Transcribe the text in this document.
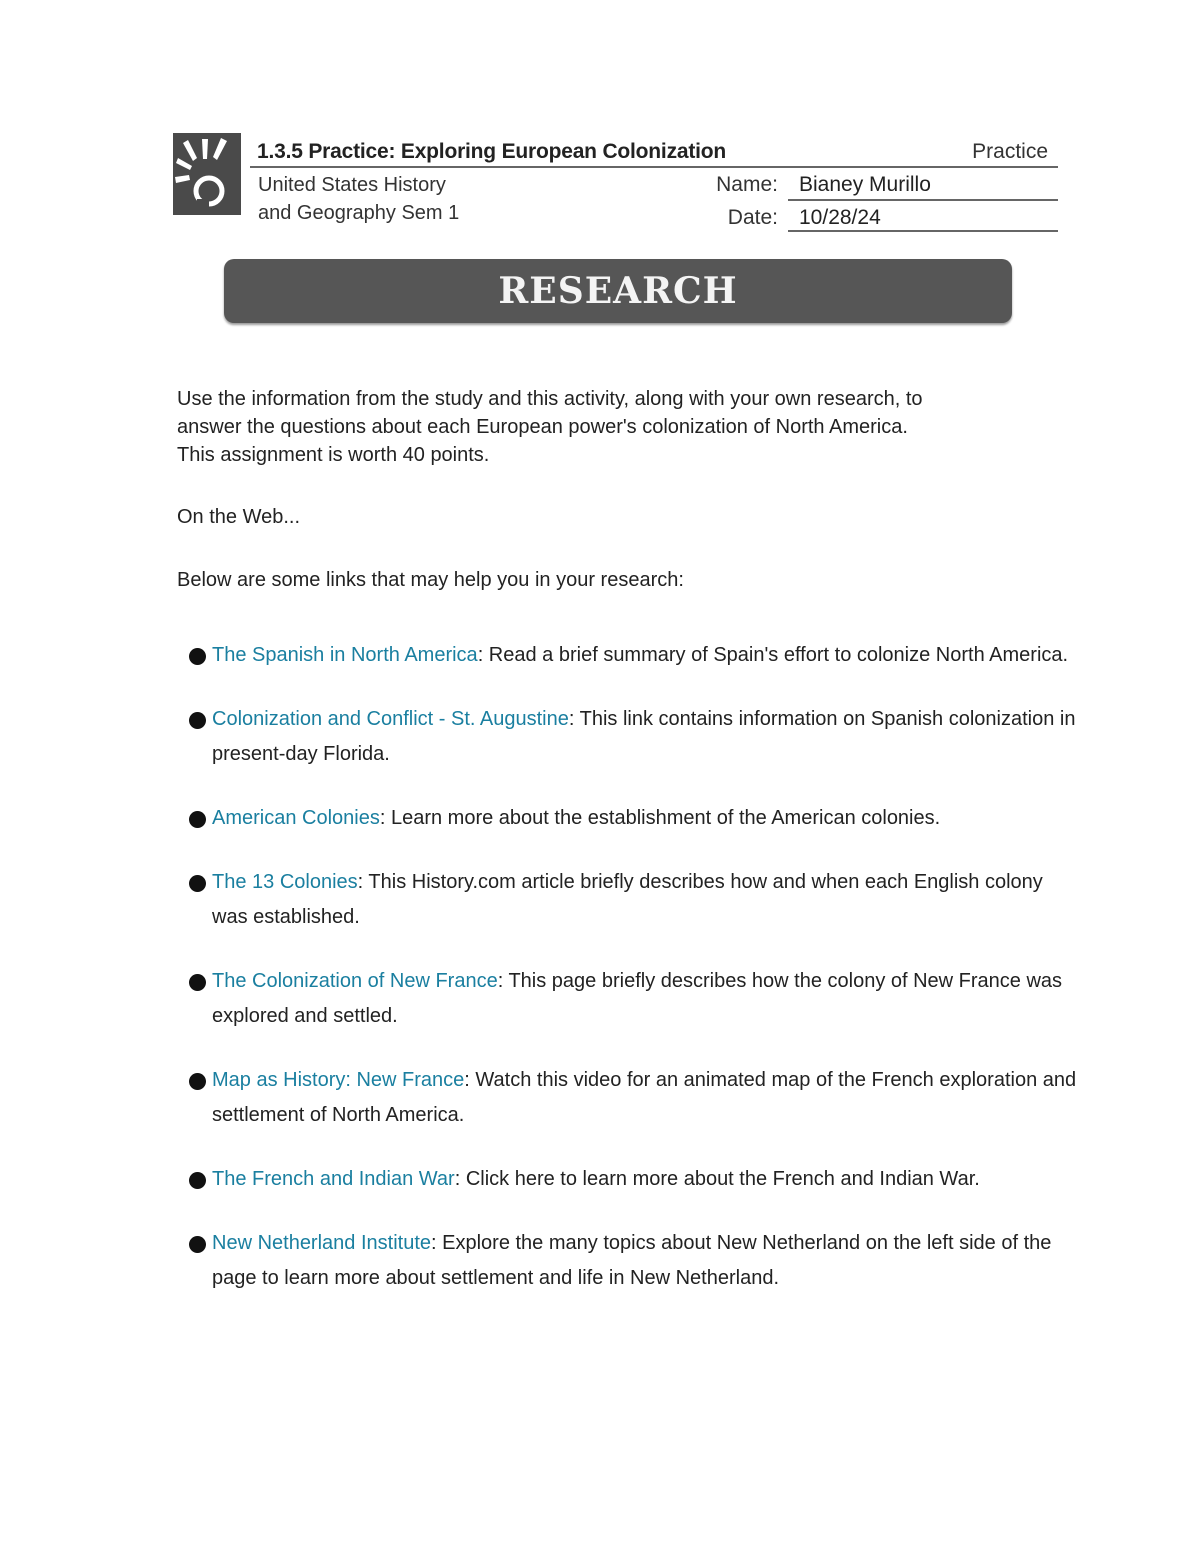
1.3.5 Practice: Exploring European Colonization	Practice
United States History
and Geography Sem 1
Name: Bianey Murillo
Date: 10/28/24
RESEARCH
Use the information from the study and this activity, along with your own research, to
answer the questions about each European power's colonization of North America.
This assignment is worth 40 points.

On the Web...

Below are some links that may help you in your research:

The Spanish in North America: Read a brief summary of Spain's effort to colonize North America.
Colonization and Conflict - St. Augustine: This link contains information on Spanish colonization in present-day Florida.
American Colonies: Learn more about the establishment of the American colonies.
The 13 Colonies: This History.com article briefly describes how and when each English colony was established.
The Colonization of New France: This page briefly describes how the colony of New France was explored and settled.
Map as History: New France: Watch this video for an animated map of the French exploration and settlement of North America.
The French and Indian War: Click here to learn more about the French and Indian War.
New Netherland Institute: Explore the many topics about New Netherland on the left side of the page to learn more about settlement and life in New Netherland.
